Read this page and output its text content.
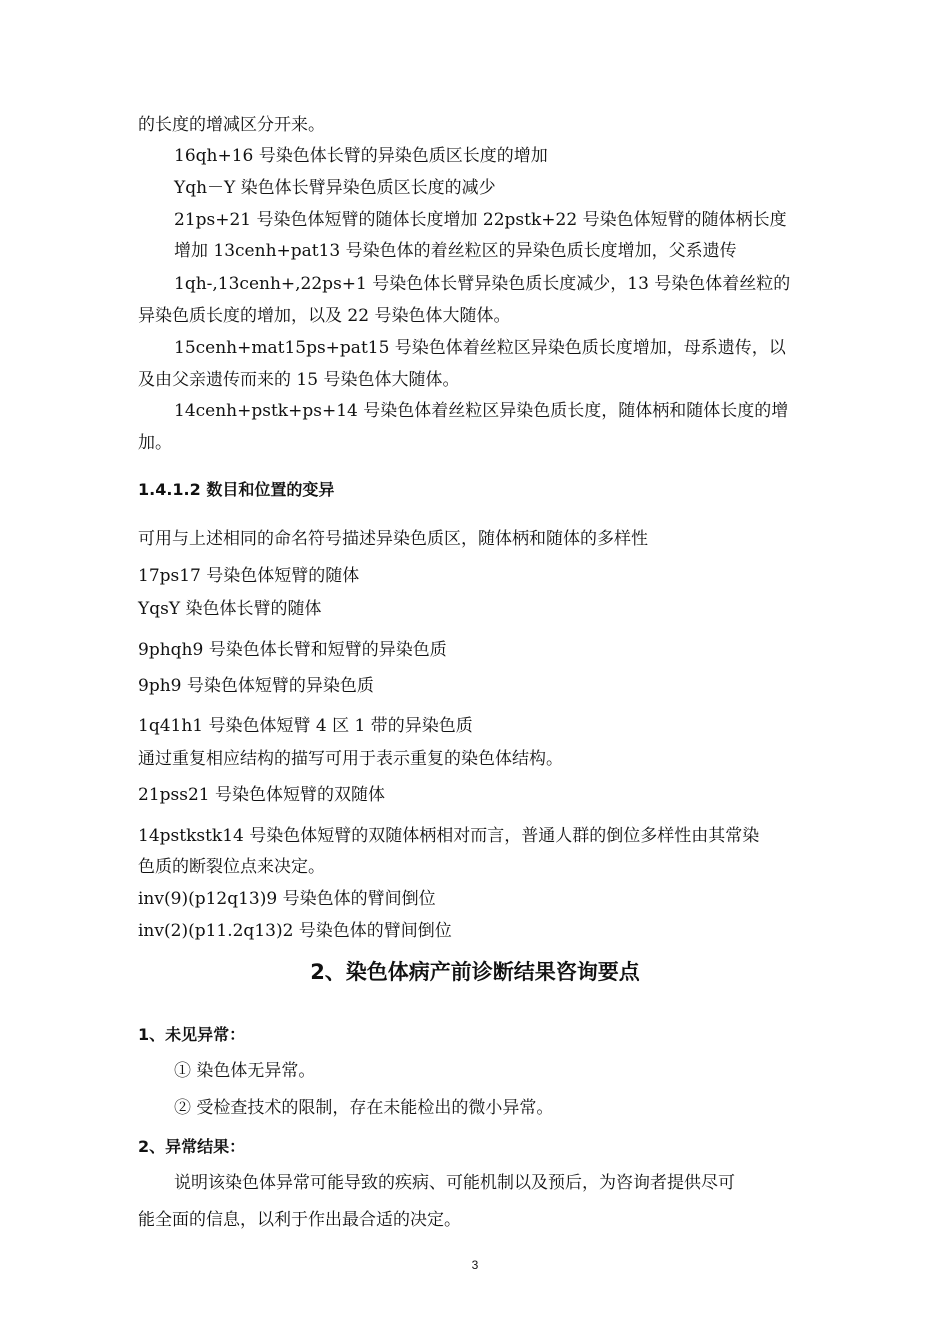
的长度的增减区分开来。
16qh+16 号染色体长臂的异染色质区长度的增加
Yqh－Y 染色体长臂异染色质区长度的减少
21ps+21 号染色体短臂的随体长度增加 22pstk+22 号染色体短臂的随体柄长度
增加 13cenh+pat13 号染色体的着丝粒区的异染色质长度增加，父系遗传
1qh-,13cenh+,22ps+1 号染色体长臂异染色质长度减少，13 号染色体着丝粒的
异染色质长度的增加，以及 22 号染色体大随体。
15cenh+mat15ps+pat15 号染色体着丝粒区异染色质长度增加，母系遗传，以
及由父亲遗传而来的 15 号染色体大随体。
14cenh+pstk+ps+14 号染色体着丝粒区异染色质长度，随体柄和随体长度的增
加。
1.4.1.2 数目和位置的变异
可用与上述相同的命名符号描述异染色质区，随体柄和随体的多样性
17ps17 号染色体短臂的随体
YqsY 染色体长臂的随体
9phqh9 号染色体长臂和短臂的异染色质
9ph9 号染色体短臂的异染色质
1q41h1 号染色体短臂 4 区 1 带的异染色质
通过重复相应结构的描写可用于表示重复的染色体结构。
21pss21 号染色体短臂的双随体
14pstkstk14 号染色体短臂的双随体柄相对而言，普通人群的倒位多样性由其常染
色质的断裂位点来决定。
inv(9)(p12q13)9 号染色体的臂间倒位
inv(2)(p11.2q13)2 号染色体的臂间倒位
2、染色体病产前诊断结果咨询要点
1、未见异常：
① 染色体无异常。
② 受检查技术的限制，存在未能检出的微小异常。
2、异常结果：
说明该染色体异常可能导致的疾病、可能机制以及预后，为咨询者提供尽可
能全面的信息，以利于作出最合适的决定。
3
